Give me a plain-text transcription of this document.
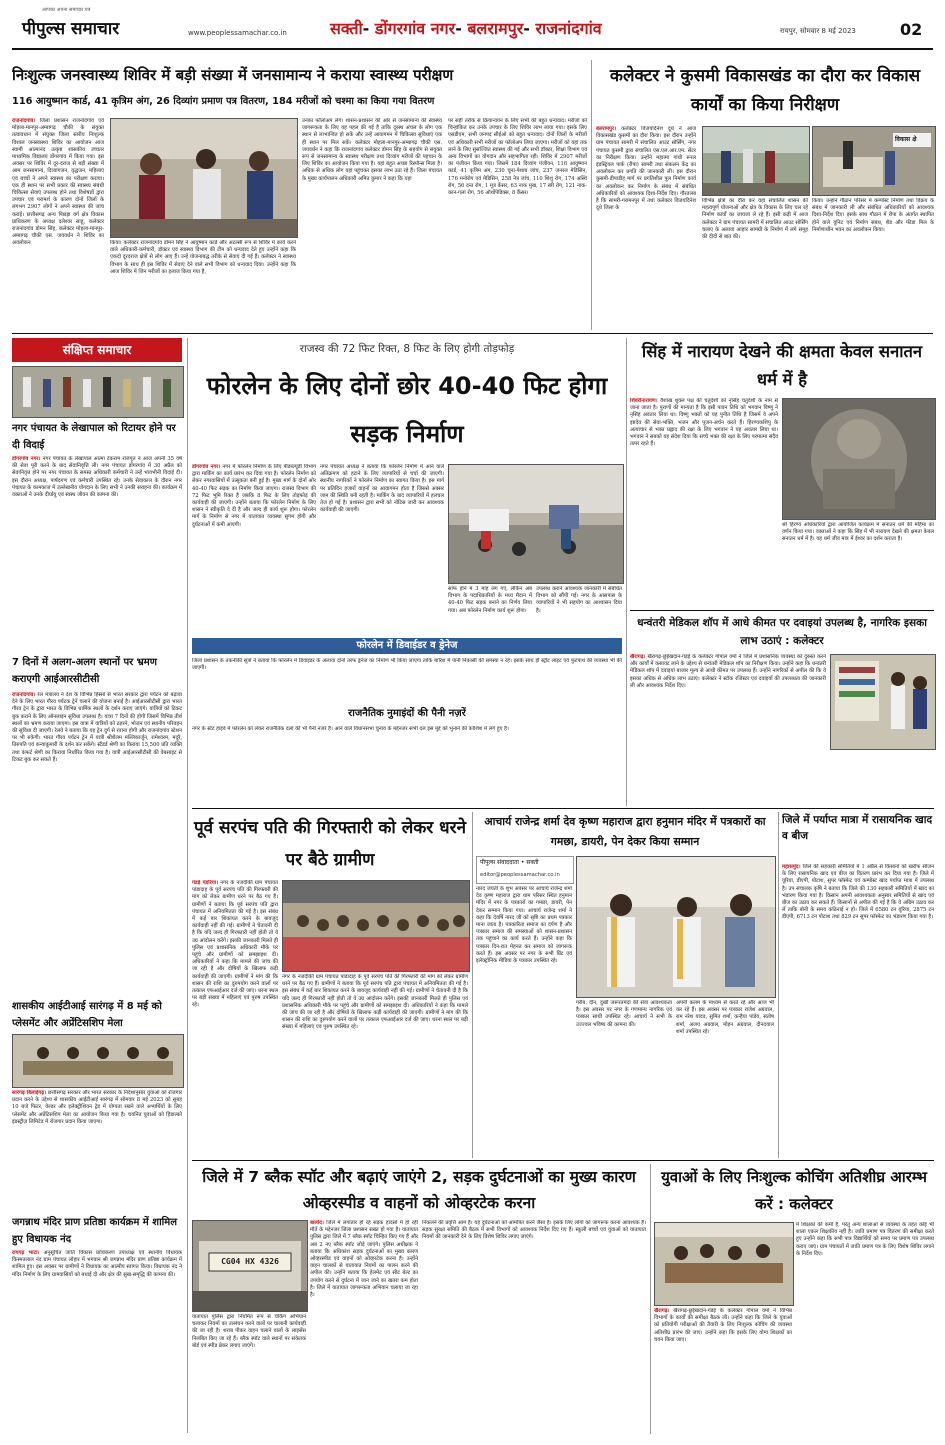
पीपुल्स समाचार
आपका अपना समाचार पत्र
www.peoplessamachar.co.in	सक्ती- डोंगरगांव नगर- बलरामपुर- राजनांदगांव	रायपुर, सोमवार 8 मई 2023	02
निःशुल्क जनस्वास्थ्य शिविर में बड़ी संख्या में जनसामान्य ने कराया स्वास्थ्य परीक्षण
116 आयुष्मान कार्ड, 41 कृत्रिम अंग, 26 दिव्यांग प्रमाण पत्र वितरण, 184 मरीजों को चश्मा का किया गया वितरण
राजनांदगांव। जिला प्रशासन राजनांदगांव एवं मोहला-मानपुर-अम्बागढ़ चौकी के संयुक्त तत्वावधान में संयुक्त जिला स्तरीय निःशुल्क विशाल जनस्वास्थ्य शिविर का आयोजन आज स्वामी आत्मानंद उत्कृष्ट शासकीय उच्चतर माध्यमिक विद्यालय डोंगरगांव में किया गया। इस अवसर पर शिविर में दूर-दराज से बड़ी संख्या में आम जनसामान्य, दिव्यांगजन, वृद्धजन, महिलाएं एवं बच्चों ने अपने स्वास्थ्य का परीक्षण कराया। एक ही स्थान पर सभी प्रकार की स्वास्थ्य संबंधी चिकित्सा सेवाएं उपलब्ध होने तथा विशेषज्ञों द्वारा उपचार एवं परामर्श के कारण दोनों जिलों के लगभग 2907 लोगों ने अपने स्वास्थ्य की जांच कराई। छत्तीसगढ़ अन्य पिछड़ा वर्ग क्षेत्र विकास प्राधिकरण के अध्यक्ष दलेश्वर साहू, कलेक्टर राजनांदगांव डोमन सिंह, कलेक्टर मोहला-मानपुर-अम्बागढ़ चौकी एस. जयवर्धन ने शिविर का अवलोकन	किया। कलेक्टर राजनांदगांव डोमन सिंह ने आयुष्मान कार्ड और अटल्सी रूप से शिविर में कार्य करने वाले अधिकारी-कर्मचारी, डॉक्टर एवं स्वास्थ्य विभाग की टीम को धन्यवाद देते हुए उन्होंने कहा कि एकदो दूरदराज क्षेत्रों से लोग आए हैं। उन्हें योजनाबद्ध तरीके से सेवाएं दी गई हैं। कलेक्टर ने स्वास्थ्य विभाग के साथ ही इस शिविर में सेवाएं देने वाले सभी विभाग को धन्यवाद दिया। उन्होंने कहा कि आज शिविर में जिन मरीजों का इलाज किया गया है,
उनका फॉलोअप लेंगे। शासन-प्रशासन की ओर से जनसामान्य की स्वास्थ्य जागरूकता के लिए यह पहल की गई है ताकि दूरस्थ अंचल के लोग एक स्थान से लाभान्वित हो सकें और उन्हें आवागमन में चिकित्सा सुविधाएं एक ही स्थान पर मिल सकें। कलेक्टर मोहला-मानपुर-अम्बागढ़ चौकी एस. जयवर्धन ने कहा कि राजनांदगांव कलेक्टर डोमन सिंह के सहयोग से संयुक्त रूप से जनसामान्य के स्वास्थ्य परीक्षण तथा दिव्यांग मरीजों की पहचान के लिए शिविर का आयोजन किया गया है। यहां बहुत अच्छा रिस्पॉन्स मिला है। अधिक से अधिक लोग यहां पहुंचकर इसका लाभ उठा रहे हैं। जिला पंचायत के मुख्य कार्यपालन अधिकारी अमित कुमार ने कहा कि यहां
पर सही तरीके से क्रियान्वयन के लिए सभी की बहुत धन्यवाद। मरीजों को चिन्हांकित कर उनके उपचार के लिए शिविर लाभ लाया गया। इसके लिए एसडीएम, सभी जनपद सीईओ को बहुत धन्यवाद। दोनों जिलों के मरीजों एवं अधिकारी सभी मरीजों का फॉलोअप लिया जाएगा। मरीजों को यहां तक लाने के लिए सुसज्जित स्वास्थ्य की गई और सभी डॉक्टर, शिक्षा विभाग एवं अन्य विभागों का योगदान और सहभागिता रही। शिविर में 2907 मरीजों का पंजीयन किया गया। जिसमें 184 दिव्यांग पंजीयन, 116 आयुष्मान कार्ड, 41 कृत्रिम अंग, 230 चूना-पेशाब जांच, 237 जनरल मेडिसिन, 176 मनोरोग एवं मेडिसिन, 258 नेत्र जांच, 110 शिशु रोग, 174 अस्थि रोग, 56 दन्त रोग, 1 मूत्र केंसर, 63 नाक मुख, 17 स्त्री रोग, 121 नाक-कान-गला रोग, 56 ऑर्थोपेडिक्स, 8 कैंसर।
कलेक्टर ने कुसमी विकासखंड का दौरा कर विकास कार्यों का किया निरीक्षण
बलरामपुर। कलेक्टर विजयदिनेश दूधे ने आज विकासखंड कुसमी का दौरा किया। इस दौरान उन्होंने ग्राम पंचायत सामरी में संचालित आउट सोर्सिंग, नगर पंचायत कुसमी द्वारा संचालित एस.एल.आर.एम. सेंटर का निरीक्षण किया। उन्होंने महात्मा गांधी रूरल इंडस्ट्रियल पार्क (रीपा) सामरी तथा संकलन केंद्र का अवलोकन कर प्रगति की जानकारी ली। इस दौरान कुसमी-डीपाडीह मार्ग पर प्रगतिशील पुल निर्माण कार्य का अवलोकन कर निर्माण के संबंध में संबंधित अधिकारियों को आवश्यक दिशा-निर्देश दिए। गौरतलब है कि सामरी-गरामनपुर में तथा कलेक्टर विजयदिनेश दूधे जिला के
विकास क्षे
विभिन्न क्षेत्रों का दौरा कर वहां संचालित शासन की महत्वपूर्ण योजनाओं और क्षेत्र के विकास के लिए चल रहे निर्माण कार्यों का जायजा ले रहे हैं। इसी कड़ी में आज कलेक्टर ने ग्राम पंचायत सामरी में संचालित आउट सोर्सिंग चलाए के अलावा आहार सामग्री के निर्माण में लगे समूह की दीदी से बात की।
किया। उन्होंने गौठान परिसर में कम्पोस्ट निर्माण तथा विक्रय के संबंध में जानकारी ली और संबंधित अधिकारियों को आवश्यक दिशा-निर्देश दिए। इसके साथ गौठान में रीपा के अंतर्गत स्थापित होने वाले यूनिट एवं निर्माण संबंध, शैड और फीडा मिल के निर्माणाधीन भवन का अवलोकन किया।
संक्षिप्त समाचार
नगर पंचायत के लेखापाल को रिटायर होने पर दी विदाई
डोंगरगांव नगर। नगर पंचायत के लेखापाल आत्मा टेकराम राजपूत ने आज अपनी 35 वर्ष की सेवा पूरी करने के बाद सेवानिवृत्ति ली। नगर पंचायत डोंगरगांव में 30 अप्रैल को सेवानिवृत्त होने पर नगर पंचायत के समस्त अधिकारी कर्मचारी ने उन्हें भावभीनी विदाई दी। इस दौरान अध्यक्ष, पार्षदगण एवं कर्मचारी उपस्थित रहे। उनके सेवाकाल के दौरान नगर पंचायत के कामकाज में उल्लेखनीय योगदान के लिए सभी ने उनकी सराहना की। कार्यक्रम में वक्ताओं ने उनके दीर्घायु एवं स्वस्थ जीवन की कामना की।
7 दिनों में अलग-अलग स्थानों पर भ्रमण कराएगी आईआरसीटीसी
राजनांदगांव। रेल मंत्रालय ने देश के विभिन्न हिस्सों से भारत सरकार द्वारा पर्यटन को बढ़ावा देने के लिए भारत गौरव पर्यटक ट्रेनें चलाने की योजना बनाई है। आईआरसीटीसी द्वारा भारत गौरव ट्रेन के द्वारा भारत के विभिन्न धार्मिक स्थलों के दर्शन कराए जाएंगे। यात्रियों को टिकट बुक कराने के लिए ऑनलाइन सुविधा उपलब्ध है। यात्रा 7 दिनों की होगी जिसमें विभिन्न तीर्थ स्थलों का भ्रमण कराया जाएगा। इस यात्रा में यात्रियों को ठहरने, भोजन एवं स्थानीय परिवहन की सुविधा दी जाएगी। रेलवे ने बताया कि यह ट्रेन दुर्ग से रवाना होगी और राजनांदगांव स्टेशन पर भी रुकेगी। भारत गौरव पर्यटन ट्रेन में यात्री श्रीशैलम मल्लिकार्जुन, रामेश्वरम, मदुरै, तिरुपति एवं कन्याकुमारी के दर्शन कर सकेंगे। स्टैंडर्ड श्रेणी का किराया 15,500 प्रति व्यक्ति तथा कंफर्ट श्रेणी का किराया निर्धारित किया गया है। यात्री आईआरसीटीसी की वेबसाइट से टिकट बुक कर सकते हैं।
शासकीय आईटीआई सारंगढ़ में 8 मई को प्लेसमेंट और अप्रेंटिसशिप मेला
सारंगढ़ बिलाईगढ़। छत्तीसगढ़ सरकार और भारत सरकार के निर्देशानुसार युवाओं को रोजगार प्रदान करने के उद्देश्य से शासकीय आईटीआई सारंगढ़ में सोमवार 8 मई 2023 को सुबह 10 बजे फिटर, वेल्डर और इलेक्ट्रीशियन ट्रेड में योग्यता रखने वाले अभ्यर्थियों के लिए प्लेसमेंट और अप्रेंटिसशिप मेला का आयोजन किया गया है। चयनित युवाओं को हिंडाल्को इंडस्ट्रीज़ लिमिटेड में रोजगार प्रदान किया जाएगा।
जगन्नाथ मंदिर प्राण प्रतिष्ठा कार्यक्रम में शामिल हुए विधायक नंद
रायगढ़ भाटा। अनुसूचित जाति विकास प्राधिकरण उपाध्यक्ष एवं स्थानीय विधायक किस्मतलाल नंद ग्राम पंचायत लोहार में भगवान श्री जगन्नाथ मंदिर प्राण प्रतिष्ठा कार्यक्रम में शामिल हुए। इस अवसर पर ग्रामीणों ने विधायक का आत्मीय स्वागत किया। विधायक नंद ने मंदिर निर्माण के लिए ग्रामवासियों को बधाई दी और क्षेत्र की सुख-समृद्धि की कामना की।
राजस्व की 72 फिट रिक्त, 8 फिट के लिए होगी तोड़फोड़
फोरलेन के लिए दोनों छोर 40-40 फिट होगा सड़क निर्माण
डोंगरगांव नगर। नगर में फोरलेन निर्माण के लिए पीडब्ल्यूडी विभाग द्वारा मार्किंग का कार्य प्रारंभ कर दिया गया है। फोरलेन निर्माण को लेकर नगरवासियों में उत्सुकता बनी हुई है। मुख्य मार्ग के दोनों ओर 40-40 फिट सड़क का निर्माण किया जाएगा। राजस्व विभाग की 72 फिट भूमि रिक्त है जबकि 8 फिट के लिए तोड़फोड़ की कार्यवाही की जाएगी। उन्होंने बताया कि फोरलेन निर्माण के लिए शासन ने स्वीकृति दे दी है और जल्द ही कार्य शुरू होगा। फोरलेन मार्ग के निर्माण से नगर में यातायात व्यवस्था सुगम होगी और दुर्घटनाओं में कमी आएगी।
नगर पंचायत अध्यक्ष ने बताया कि फोरलेन निर्माण में आने वाले अतिक्रमण को हटाने के लिए व्यापारियों से चर्चा की जाएगी। स्थानीय नागरिकों ने फोरलेन निर्माण का स्वागत किया है। इस मार्ग पर प्रतिदिन हजारों वाहनों का आवागमन होता है जिससे अक्सर जाम की स्थिति बनी रहती है। मार्किंग के बाद व्यापारियों में हलचल तेज हो गई है। प्रशासन द्वारा सभी को नोटिस जारी कर आवश्यक कार्यवाही की जाएगी।
साफ होने में 3 माह लग गए, लेकिन अब विभाग के पदाधिकारियों के मध्य मैदान में 40-40 फिट सड़क बनाने का निर्णय लिया गया। अब फोरलेन निर्माण कार्य शुरू होगा।
उपलब्ध कराने आवश्यक जानकारी में संबंधित विभाग को सौंपी गई। नगर के आसपास के व्यापारियों ने भी सहयोग का आश्वासन दिया है।
फोरलेन में डिवाईडर व ड्रेनेज
जिला प्रशासन के तकनीकी सूत्रों ने बताया कि फोरलेन में डिवाइडर के अलावा दोनों तरफ ड्रेनेज का निर्माण भी किया जाएगा ताकि बारिश में पानी निकासी की समस्या न रहे। इसके साथ ही स्ट्रीट लाइट एवं फुटपाथ की व्यवस्था भी की जाएगी।
राजनैतिक नुमाइंदों की पैनी नज़रें
नगर के स्टेट हाइवे में फोरलेन को लेकर राजनैतिक दलों की भी पैनी नजरें हैं। आने वाले विधानसभा चुनाव के मद्देनजर सभी दल इस मुद्दे को भुनाने की कोशिश में लगे हुए हैं।
सिंह में नारायण देखने की क्षमता केवल सनातन धर्म में है
शिवरीनारायण। वैशाख शुक्ल पक्ष की चतुर्दशी को नृसिंह चतुर्दशी के नाम से जाना जाता है। पुराणों की मान्यता है कि इसी पावन तिथि को भगवान विष्णु ने नृसिंह अवतार लिया था। विष्णु भक्तों को यह पुनीत तिथि है जिसमें वे अपने इष्टदेव की सेवा-भक्ति, भजन और पूजन-अर्चन करते हैं। हिरण्यकशिपु के अत्याचार से भक्त प्रह्लाद की रक्षा के लिए भगवान ने यह अवतार लिया था। भगवान ने सबको यह संदेश दिया कि सच्चे भक्त की रक्षा के लिए परमात्मा सदैव तत्पर रहते हैं।
श्री हिरण्य अधिकारियों द्वारा आयोजित कार्यक्रम में सनातन धर्म की महिमा का वर्णन किया गया। वक्ताओं ने कहा कि सिंह में भी नारायण देखने की क्षमता केवल सनातन धर्म में है। यह धर्म जीव मात्र में ईश्वर का दर्शन कराता है।
धन्वंतरी मेडिकल शॉप में आधे कीमत पर दवाइयां उपलब्ध है, नागरिक इसका लाभ उठाएं : कलेक्टर
खैरागढ़। खैरागढ़-छुईखदान-गंडई के कलेक्टर गोपाल वर्मा ने जिले में प्रशासनिक व्यवस्था को दुरुस्त करने और कार्यों में कसावट लाने के उद्देश्य से धन्वंतरी मेडिकल शॉप का निरीक्षण किया। उन्होंने कहा कि धन्वंतरी मेडिकल शॉप में दवाइयां बाजार मूल्य से आधी कीमत पर उपलब्ध हैं। उन्होंने नागरिकों से अपील की कि वे इसका अधिक से अधिक लाभ उठाएं। कलेक्टर ने स्टॉक रजिस्टर एवं दवाइयों की उपलब्धता की जानकारी ली और आवश्यक निर्देश दिए।
पूर्व सरपंच पति की गिरफ्तारी को लेकर धरने पर बैठे ग्रामीण
गंडई पंडरिया। नगर के नजदीकी ग्राम पंचायत पांडादाह के पूर्व सरपंच पति की गिरफ्तारी की मांग को लेकर ग्रामीण धरने पर बैठ गए हैं। ग्रामीणों ने बताया कि पूर्व सरपंच पति द्वारा पंचायत में अनियमितता की गई है। इस संबंध में कई बार शिकायत करने के बावजूद कार्यवाही नहीं की गई। ग्रामीणों ने चेतावनी दी है कि यदि जल्द ही गिरफ्तारी नहीं होती तो वे उग्र आंदोलन करेंगे। इसकी जानकारी मिलते ही पुलिस एवं प्रशासनिक अधिकारी मौके पर पहुंचे और ग्रामीणों को समझाइश दी। अधिकारियों ने कहा कि मामले की जांच की जा रही है और दोषियों के खिलाफ कड़ी कार्यवाही की जाएगी। ग्रामीणों ने मांग की कि शासन की राशि का दुरुपयोग करने वालों पर तत्काल एफआईआर दर्ज की जाए। धरना स्थल पर बड़ी संख्या में महिलाएं एवं पुरुष उपस्थित रहे।
नगर के नजदीकी ग्राम पंचायत पांडादाह के पूर्व सरपंच पति की गिरफ्तारी की मांग को लेकर ग्रामीण धरने पर बैठ गए हैं। ग्रामीणों ने बताया कि पूर्व सरपंच पति द्वारा पंचायत में अनियमितता की गई है। इस संबंध में कई बार शिकायत करने के बावजूद कार्यवाही नहीं की गई। ग्रामीणों ने चेतावनी दी है कि यदि जल्द ही गिरफ्तारी नहीं होती तो वे उग्र आंदोलन करेंगे। इसकी जानकारी मिलते ही पुलिस एवं प्रशासनिक अधिकारी मौके पर पहुंचे और ग्रामीणों को समझाइश दी। अधिकारियों ने कहा कि मामले की जांच की जा रही है और दोषियों के खिलाफ कड़ी कार्यवाही की जाएगी। ग्रामीणों ने मांग की कि शासन की राशि का दुरुपयोग करने वालों पर तत्काल एफआईआर दर्ज की जाए। धरना स्थल पर बड़ी संख्या में महिलाएं एवं पुरुष उपस्थित रहे।
आचार्य राजेन्द्र शर्मा देव कृष्ण महाराज द्वारा हनुमान मंदिर में पत्रकारों का गमछा, डायरी, पेन देकर किया सम्मान
पीपुल्स संवाददाता • सक्ती
editor@peoplessamachar.co.in
नारद जयंती के शुभ अवसर पर आचार्य राजेन्द्र शर्मा देव कृष्ण महाराज द्वारा धाम परिसर स्थित हनुमान मंदिर में नगर के पत्रकारों का गमछा, डायरी, पेन देकर सम्मान किया गया। आचार्य राजेन्द्र शर्मा ने कहा कि देवर्षि नारद जी को सृष्टि का प्रथम पत्रकार माना जाता है। पत्रकारिता समाज का दर्पण है और पत्रकार समाज की समस्याओं को शासन-प्रशासन तक पहुंचाने का कार्य करते हैं। उन्होंने कहा कि पत्रकार दिन-रात मेहनत कर समाज को जागरूक करते हैं। इस अवसर पर नगर के सभी प्रिंट एवं इलेक्ट्रॉनिक मीडिया के पत्रकार उपस्थित रहे।
गरीब, दीन, दुखी जरूरतमंदों की सेवा आवश्यकता है। इस अवसर पर नगर के गणमान्य नागरिक एवं पत्रकार साथी उपस्थित रहे। आचार्य ने सभी के उज्ज्वल भविष्य की कामना की।
अपनी कलम के माध्यम से करते रहे और आज भी कर रहे हैं। इस अवसर पर पत्रकार राजेश अग्रवाल, राम नरेश यादव, सुमित शर्मा, कन्हैया पांडेय, संतोष शर्मा, अजय अग्रवाल, मोहन अग्रवाल, दीनदयाल शर्मा उपस्थित रहे।
जिले में पर्याप्त मात्रा में रासायनिक खाद व बीज
महासमुंद। जिले की सहकारी समितियों में 1 अप्रैल से किसानों को खरीफ सीजन के लिए रासायनिक खाद एवं बीज का वितरण प्रारंभ कर दिया गया है। जिले में यूरिया, डीएपी, पोटाश, सुपर फॉस्फेट एवं कम्पोस्ट खाद पर्याप्त मात्रा में उपलब्ध है। उप संचालक कृषि ने बताया कि जिले की 130 सहकारी समितियों में खाद का भंडारण किया गया है। किसान अपनी आवश्यकता अनुसार समितियों से खाद एवं बीज का उठाव कर सकते हैं। किसानों से अपील की गई है कि वे अग्रिम उठाव कर लें ताकि बोनी के समय कठिनाई न हो। जिले में 6580 टन यूरिया, 2875 टन डीएपी, 6713 टन पोटाश तथा 829 टन सुपर फॉस्फेट का भंडारण किया गया है।
जिले में 7 ब्लैक स्पॉट और बढ़ाएं जाएंगे 2, सड़क दुर्घटनाओं का मुख्य कारण ओव्हरस्पीड व वाहनों को ओव्हरटेक करना
CG04 HX 4326
बालोद। जिले में लगातार हो रहे सड़क हादसों में हो रही मौतें के मद्देनजर जिला प्रशासन सख्त हो गया है। यातायात पुलिस द्वारा जिले में 7 ब्लैक स्पॉट चिन्हित किए गए हैं और अब 2 नए ब्लैक स्पॉट जोड़े जाएंगे। पुलिस अधीक्षक ने बताया कि अधिकांश सड़क दुर्घटनाओं का मुख्य कारण ओव्हरस्पीड एवं वाहनों को ओव्हरटेक करना है। उन्होंने वाहन चालकों से यातायात नियमों का पालन करने की अपील की। उन्होंने बताया कि हेलमेट एवं सीट बेल्ट का उपयोग करने से दुर्घटना में जान जाने का खतरा कम होता है। जिले में यातायात जागरूकता अभियान चलाया जा रहा है।
यातायात पुलिस द्वारा नियमित रूप से चेकिंग अभियान चलाकर नियमों का उल्लंघन करने वालों पर चालानी कार्यवाही की जा रही है। शराब पीकर वाहन चलाने वालों के लाइसेंस निलंबित किए जा रहे हैं। ब्लैक स्पॉट वाले स्थानों पर संकेतक बोर्ड एवं स्पीड ब्रेकर लगाए जाएंगे।
निकलने की प्रवृत्ति आम है। यह दुर्घटनाओं को आमंत्रित करने जैसा है। इसके लिए लोगों को जागरूक करना आवश्यक है। सड़क सुरक्षा समिति की बैठक में सभी विभागों को आवश्यक निर्देश दिए गए हैं। स्कूली बच्चों एवं युवाओं को यातायात नियमों की जानकारी देने के लिए विशेष शिविर लगाए जाएंगे।
युवाओं के लिए निःशुल्क कोचिंग अतिशीघ्र आरम्भ करें : कलेक्टर
खैरागढ़। खैरागढ़-छुईखदान-गंडई के कलेक्टर गोपाल वर्मा ने विभिन्न विभागों के कार्यों की समीक्षा बैठक ली। उन्होंने कहा कि जिले के युवाओं को प्रतियोगी परीक्षाओं की तैयारी के लिए निःशुल्क कोचिंग की व्यवस्था अतिशीघ्र प्रारंभ की जाए। उन्होंने कहा कि इसके लिए योग्य शिक्षकों का चयन किया जाए।
में शिक्षकों की कमी है, परंतु अन्य शालाओं से व्यवस्था के तहत कोई भी शाला एकल शिक्षकीय नहीं है। जाति प्रमाण पत्र वितरण की समीक्षा करते हुए उन्होंने कहा कि सभी पात्र विद्यार्थियों को समय पर प्रमाण पत्र उपलब्ध कराए जाएं। ग्राम पंचायतों में जाति प्रमाण पत्र के लिए विशेष शिविर लगाने के निर्देश दिए।
